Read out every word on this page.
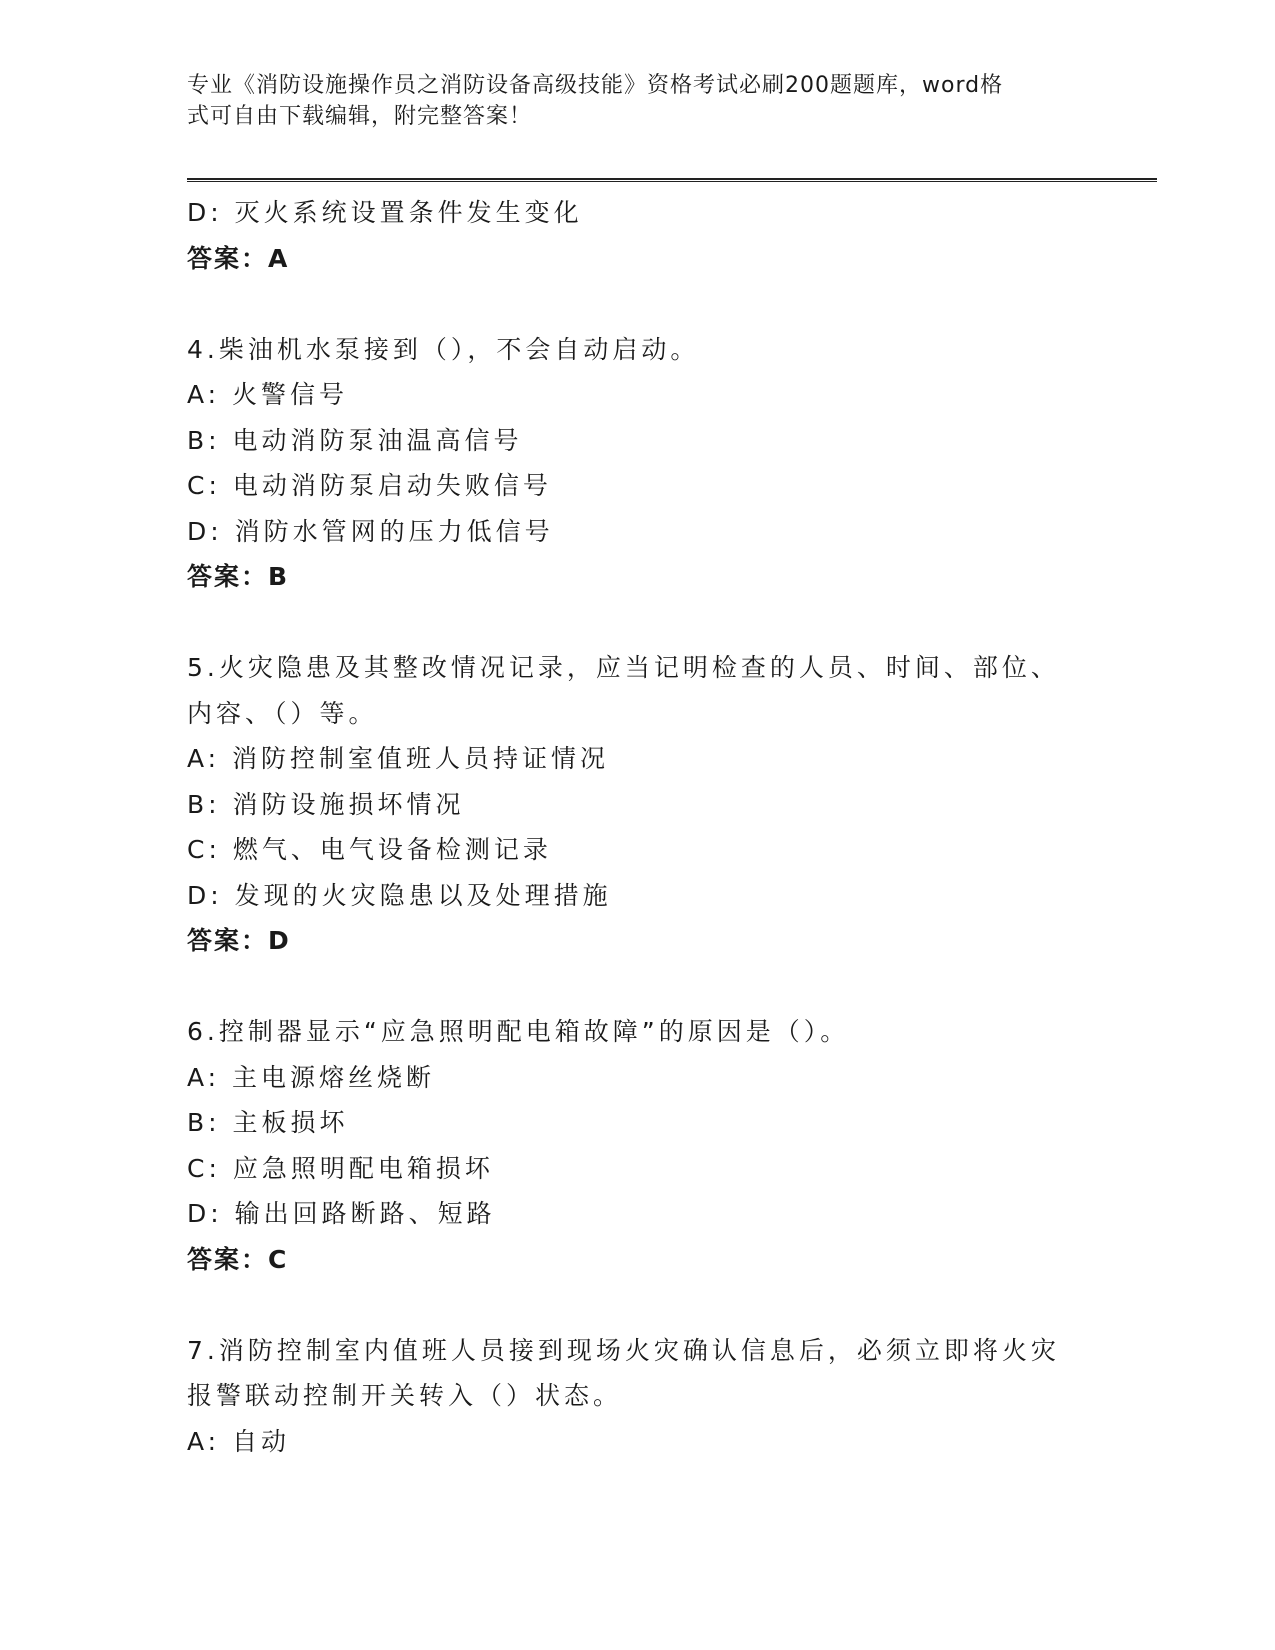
专业《消防设施操作员之消防设备高级技能》资格考试必刷200题题库，word格
式可自由下载编辑，附完整答案！
D: 灭火系统设置条件发生变化
答案：A
4.柴油机水泵接到（），不会自动启动。
A: 火警信号
B: 电动消防泵油温高信号
C: 电动消防泵启动失败信号
D: 消防水管网的压力低信号
答案：B
5.火灾隐患及其整改情况记录，应当记明检查的人员、时间、部位、
内容、（）等。
A: 消防控制室值班人员持证情况
B: 消防设施损坏情况
C: 燃气、电气设备检测记录
D: 发现的火灾隐患以及处理措施
答案：D
6.控制器显示“应急照明配电箱故障”的原因是（）。
A: 主电源熔丝烧断
B: 主板损坏
C: 应急照明配电箱损坏
D: 输出回路断路、短路
答案：C
7.消防控制室内值班人员接到现场火灾确认信息后，必须立即将火灾
报警联动控制开关转入（）状态。
A: 自动
